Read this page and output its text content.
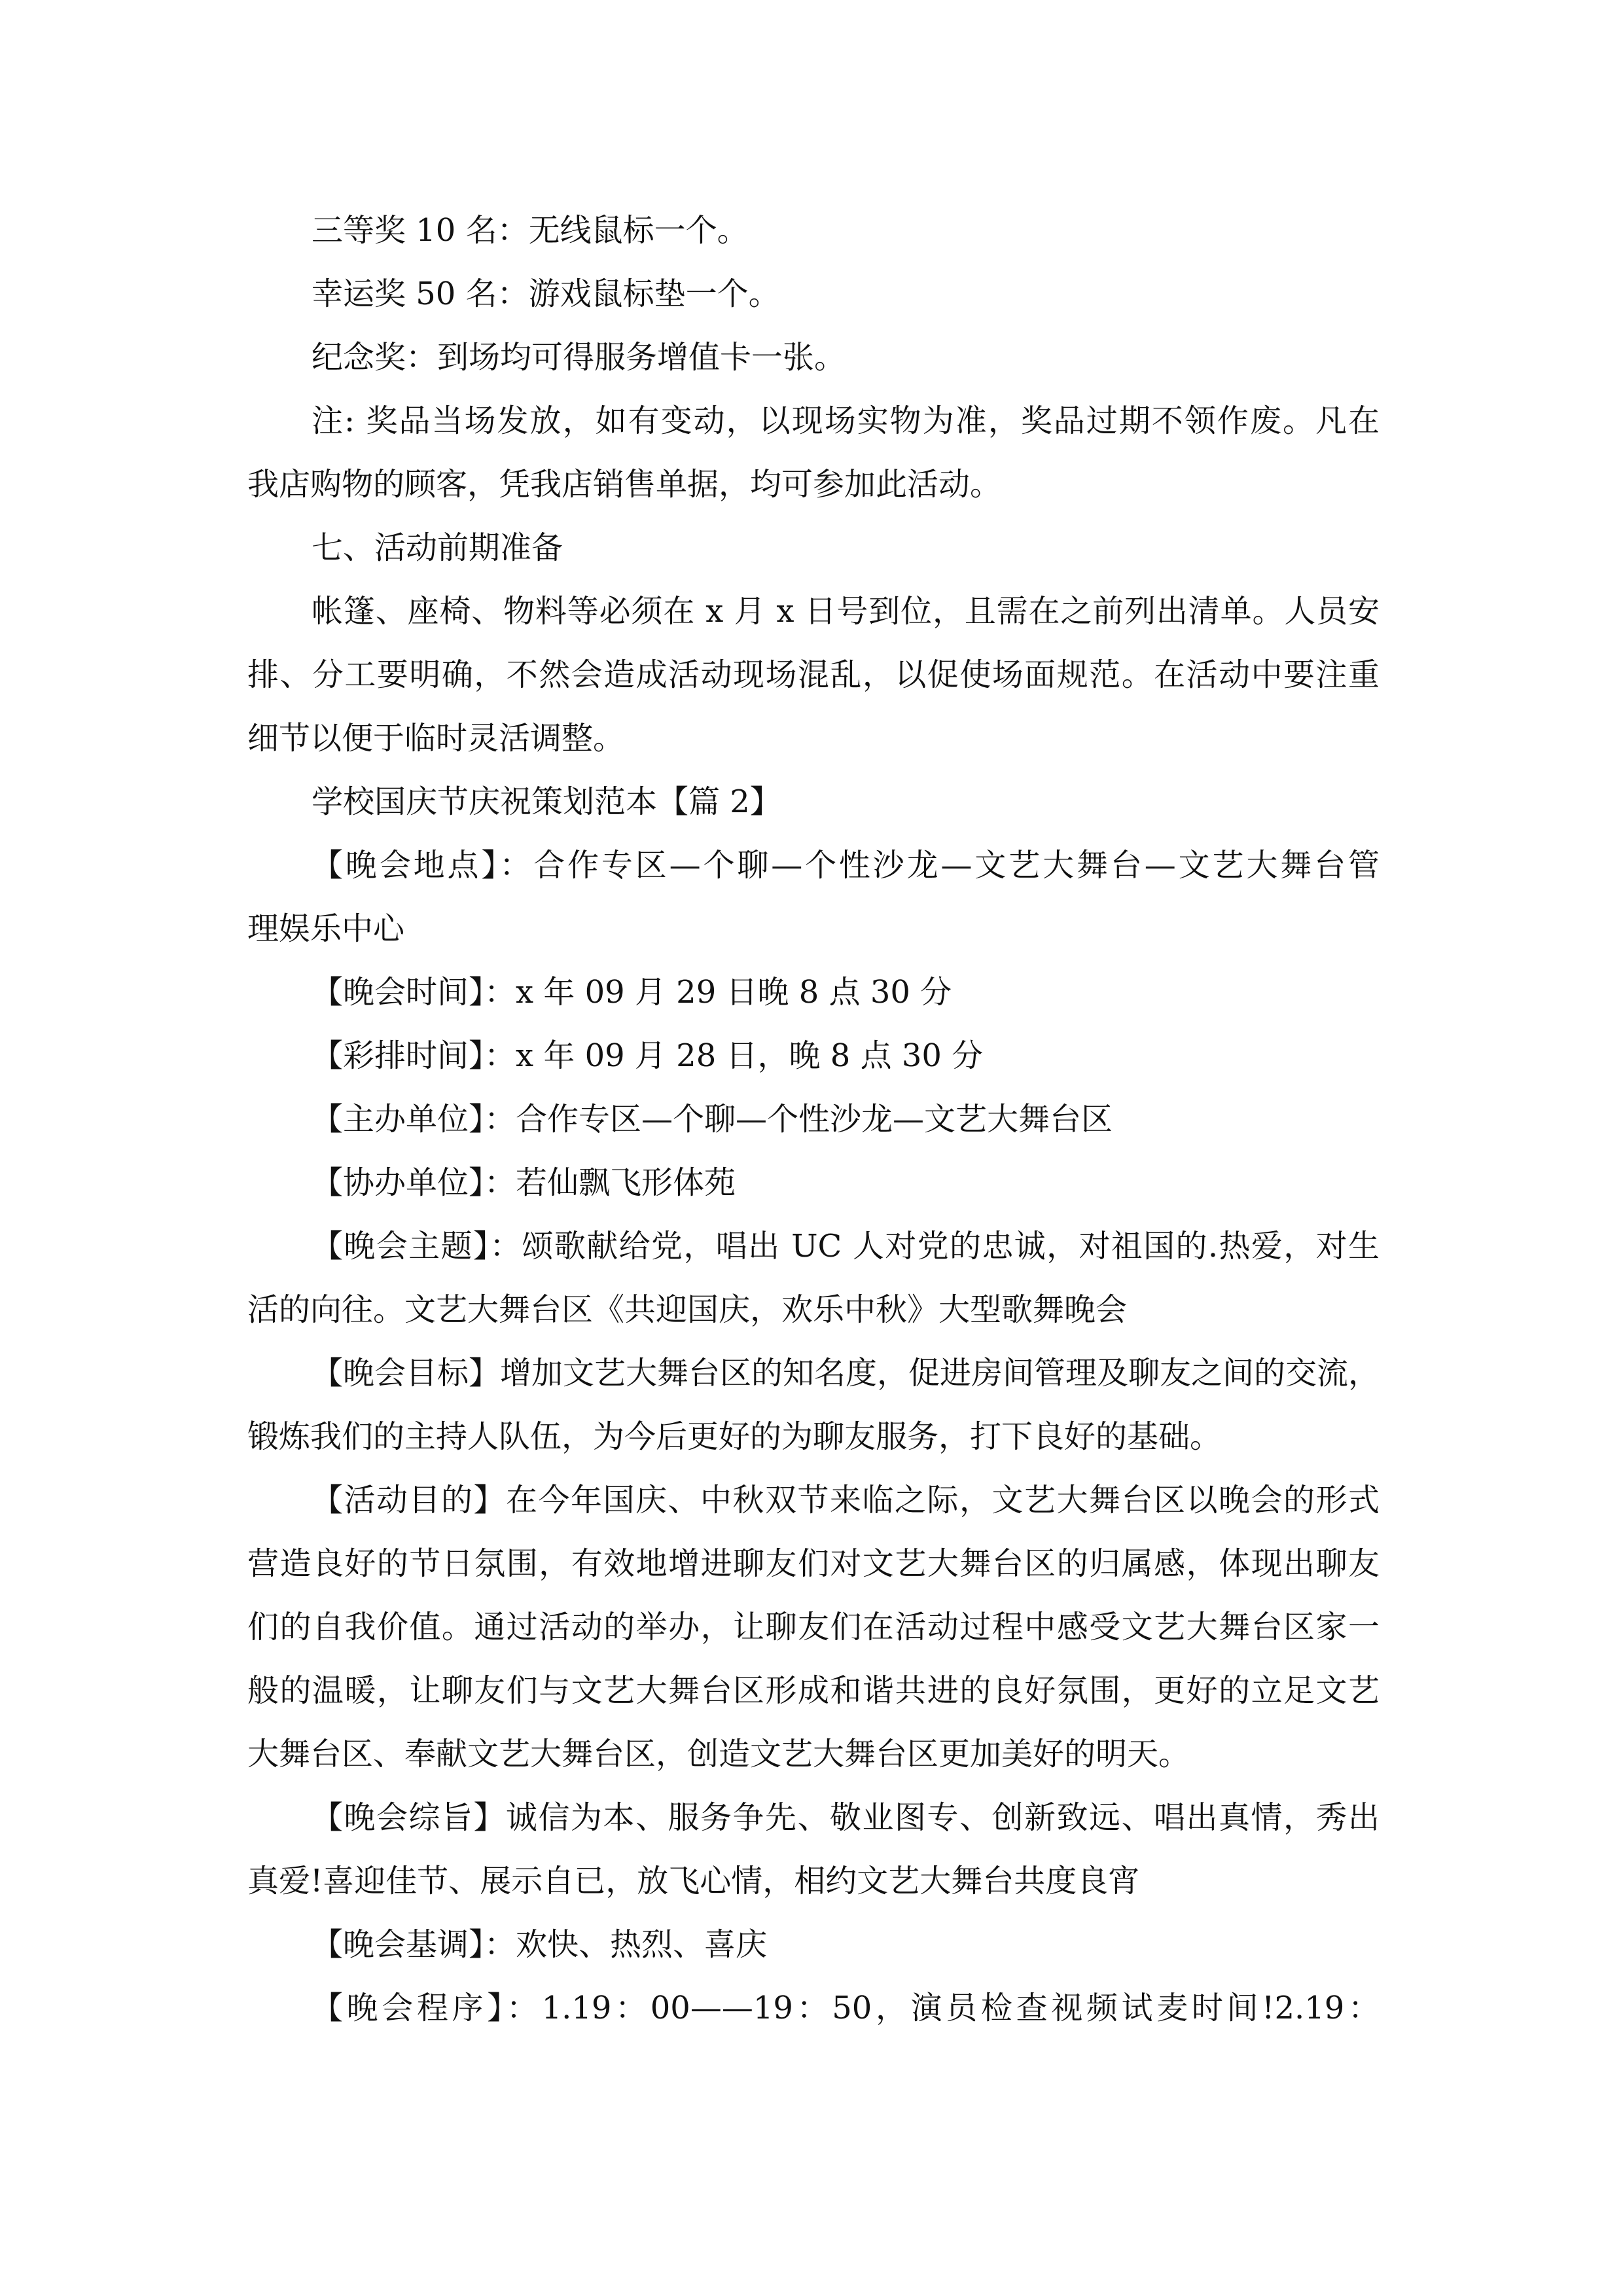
三等奖 10 名：无线鼠标一个。
幸运奖 50 名：游戏鼠标垫一个。
纪念奖：到场均可得服务增值卡一张。
注: 奖品当场发放，如有变动，以现场实物为准，奖品过期不领作废。凡在
我店购物的顾客，凭我店销售单据，均可参加此活动。
七、活动前期准备
帐篷、座椅、物料等必须在 x 月 x 日号到位，且需在之前列出清单。人员安
排、分工要明确，不然会造成活动现场混乱，以促使场面规范。在活动中要注重
细节以便于临时灵活调整。
学校国庆节庆祝策划范本【篇 2】
【晚会地点】：合作专区—个聊—个性沙龙—文艺大舞台—文艺大舞台管
理娱乐中心
【晚会时间】：x 年 09 月 29 日晚 8 点 30 分
【彩排时间】：x 年 09 月 28 日，晚 8 点 30 分
【主办单位】：合作专区—个聊—个性沙龙—文艺大舞台区
【协办单位】：若仙飘飞形体苑
【晚会主题】：颂歌献给党，唱出 UC 人对党的忠诚，对祖国的.热爱，对生
活的向往。文艺大舞台区《共迎国庆，欢乐中秋》大型歌舞晚会
【晚会目标】增加文艺大舞台区的知名度，促进房间管理及聊友之间的交流，
锻炼我们的主持人队伍，为今后更好的为聊友服务，打下良好的基础。
【活动目的】在今年国庆、中秋双节来临之际，文艺大舞台区以晚会的形式
营造良好的节日氛围，有效地增进聊友们对文艺大舞台区的归属感，体现出聊友
们的自我价值。通过活动的举办，让聊友们在活动过程中感受文艺大舞台区家一
般的温暖，让聊友们与文艺大舞台区形成和谐共进的良好氛围，更好的立足文艺
大舞台区、奉献文艺大舞台区，创造文艺大舞台区更加美好的明天。
【晚会综旨】诚信为本、服务争先、敬业图专、创新致远、唱出真情，秀出
真爱!喜迎佳节、展示自已，放飞心情，相约文艺大舞台共度良宵
【晚会基调】：欢快、热烈、喜庆
【晚会程序】：1.19：00——19：50，演员检查视频试麦时间!2.19：
